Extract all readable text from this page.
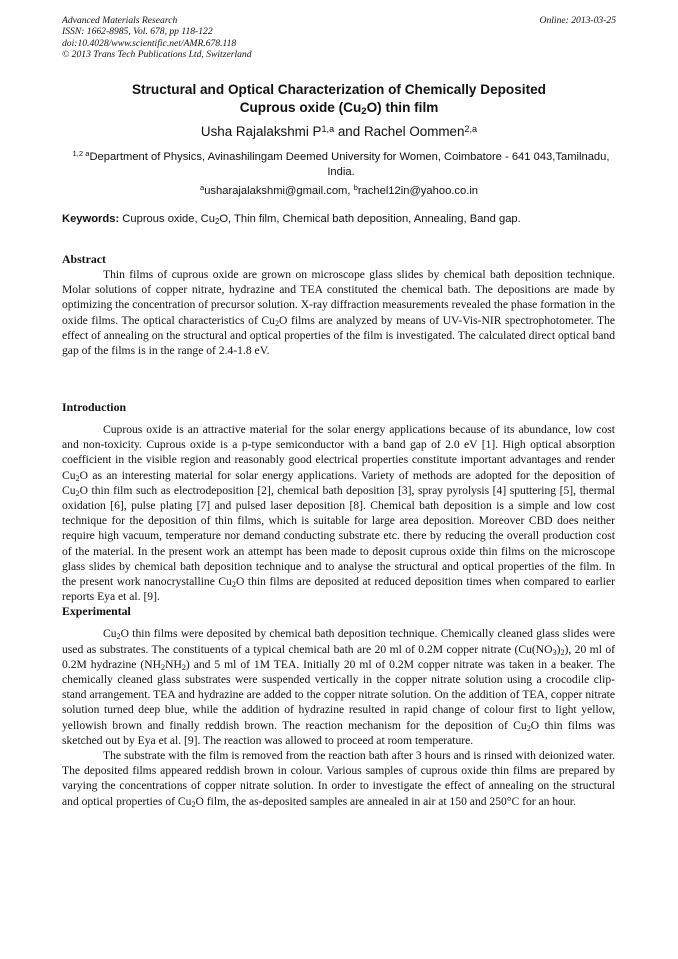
Advanced Materials Research
ISSN: 1662-8985, Vol. 678, pp 118-122
doi:10.4028/www.scientific.net/AMR.678.118
© 2013 Trans Tech Publications Ltd, Switzerland
Online: 2013-03-25
Structural and Optical Characterization of Chemically Deposited
Cuprous oxide $(Cu_2O)$ thin film
Usha Rajalakshmi P$^{1,a}$ and Rachel Oommen$^{2,a}$
$^{1,2 a}$Department of Physics, Avinashilingam Deemed University for Women, Coimbatore - 641 043,Tamilnadu, India.
$^a$usharajalakshmi@gmail.com, $^b$rachel12in@yahoo.co.in
Keywords: Cuprous oxide, $Cu_2O$, Thin film, Chemical bath deposition, Annealing, Band gap.
Abstract

Thin films of cuprous oxide are grown on microscope glass slides by chemical bath deposition technique. Molar solutions of copper nitrate, hydrazine and TEA constituted the chemical bath. The depositions are made by optimizing the concentration of precursor solution. X-ray diffraction measurements revealed the phase formation in the oxide films. The optical characteristics of $Cu_2O$ films are analyzed by means of UV-Vis-NIR spectrophotometer. The effect of annealing on the structural and optical properties of the film is investigated. The calculated direct optical band gap of the films is in the range of 2.4-1.8 eV.

Introduction

Cuprous oxide is an attractive material for the solar energy applications because of its abundance, low cost and non-toxicity. Cuprous oxide is a p-type semiconductor with a band gap of 2.0 eV [1]. High optical absorption coefficient in the visible region and reasonably good electrical properties constitute important advantages and render $Cu_2O$ as an interesting material for solar energy applications. Variety of methods are adopted for the deposition of $Cu_2O$ thin film such as electrodeposition [2], chemical bath deposition [3], spray pyrolysis [4] sputtering [5], thermal oxidation [6], pulse plating [7] and pulsed laser deposition [8]. Chemical bath deposition is a simple and low cost technique for the deposition of thin films, which is suitable for large area deposition. Moreover CBD does neither require high vacuum, temperature nor demand conducting substrate etc. there by reducing the overall production cost of the material. In the present work an attempt has been made to deposit cuprous oxide thin films on the microscope glass slides by chemical bath deposition technique and to analyse the structural and optical properties of the film. In the present work nanocrystalline $Cu_2O$ thin films are deposited at reduced deposition times when compared to earlier reports Eya et al. [9].

Experimental

$Cu_2O$ thin films were deposited by chemical bath deposition technique. Chemically cleaned glass slides were used as substrates. The constituents of a typical chemical bath are 20 ml of 0.2M copper nitrate $(Cu(NO_3)_2)$, 20 ml of 0.2M hydrazine $(NH_2NH_2)$ and 5 ml of 1M TEA. Initially 20 ml of 0.2M copper nitrate was taken in a beaker. The chemically cleaned glass substrates were suspended vertically in the copper nitrate solution using a crocodile clip-stand arrangement. TEA and hydrazine are added to the copper nitrate solution. On the addition of TEA, copper nitrate solution turned deep blue, while the addition of hydrazine resulted in rapid change of colour first to light yellow, yellowish brown and finally reddish brown. The reaction mechanism for the deposition of $Cu_2O$ thin films was sketched out by Eya et al. [9]. The reaction was allowed to proceed at room temperature.

The substrate with the film is removed from the reaction bath after 3 hours and is rinsed with deionized water. The deposited films appeared reddish brown in colour. Various samples of cuprous oxide thin films are prepared by varying the concentrations of copper nitrate solution. In order to investigate the effect of annealing on the structural and optical properties of $Cu_2O$ film, the as-deposited samples are annealed in air at 150 and 250°C for an hour.
